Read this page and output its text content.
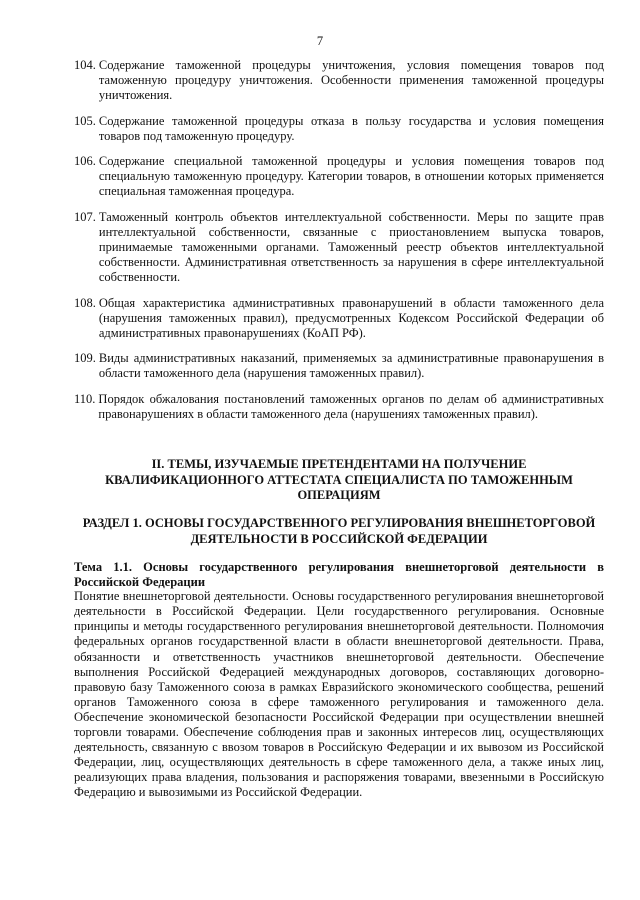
7
104. Содержание таможенной процедуры уничтожения, условия помещения товаров под таможенную процедуру уничтожения. Особенности применения таможенной процедуры уничтожения.
105. Содержание таможенной процедуры отказа в пользу государства и условия помещения товаров под таможенную процедуру.
106. Содержание специальной таможенной процедуры и условия помещения товаров под специальную таможенную процедуру. Категории товаров, в отношении которых применяется специальная таможенная процедура.
107. Таможенный контроль объектов интеллектуальной собственности. Меры по защите прав интеллектуальной собственности, связанные с приостановлением выпуска товаров, принимаемые таможенными органами. Таможенный реестр объектов интеллектуальной собственности. Административная ответственность за нарушения в сфере интеллектуальной собственности.
108. Общая характеристика административных правонарушений в области таможенного дела (нарушения таможенных правил), предусмотренных Кодексом Российской Федерации об административных правонарушениях (КоАП РФ).
109. Виды административных наказаний, применяемых за административные правонарушения в области таможенного дела (нарушения таможенных правил).
110. Порядок обжалования постановлений таможенных органов по делам об административных правонарушениях в области таможенного дела (нарушениях таможенных правил).
II. ТЕМЫ, ИЗУЧАЕМЫЕ ПРЕТЕНДЕНТАМИ НА ПОЛУЧЕНИЕ КВАЛИФИКАЦИОННОГО АТТЕСТАТА СПЕЦИАЛИСТА ПО ТАМОЖЕННЫМ ОПЕРАЦИЯМ
РАЗДЕЛ 1. ОСНОВЫ ГОСУДАРСТВЕННОГО РЕГУЛИРОВАНИЯ ВНЕШНЕТОРГОВОЙ ДЕЯТЕЛЬНОСТИ В РОССИЙСКОЙ ФЕДЕРАЦИИ

Тема 1.1. Основы государственного регулирования внешнеторговой деятельности в Российской Федерации

Понятие внешнеторговой деятельности. Основы государственного регулирования внешнеторговой деятельности в Российской Федерации. Цели государственного регулирования. Основные принципы и методы государственного регулирования внешнеторговой деятельности. Полномочия федеральных органов государственной власти в области внешнеторговой деятельности. Права, обязанности и ответственность участников внешнеторговой деятельности. Обеспечение выполнения Российской Федерацией международных договоров, составляющих договорно-правовую базу Таможенного союза в рамках Евразийского экономического сообщества, решений органов Таможенного союза в сфере таможенного регулирования и таможенного дела. Обеспечение экономической безопасности Российской Федерации при осуществлении внешней торговли товарами. Обеспечение соблюдения прав и законных интересов лиц, осуществляющих деятельность, связанную с ввозом товаров в Российскую Федерации и их вывозом из Российской Федерации, лиц, осуществляющих деятельность в сфере таможенного дела, а также иных лиц, реализующих права владения, пользования и распоряжения товарами, ввезенными в Российскую Федерацию и вывозимыми из Российской Федерации.
